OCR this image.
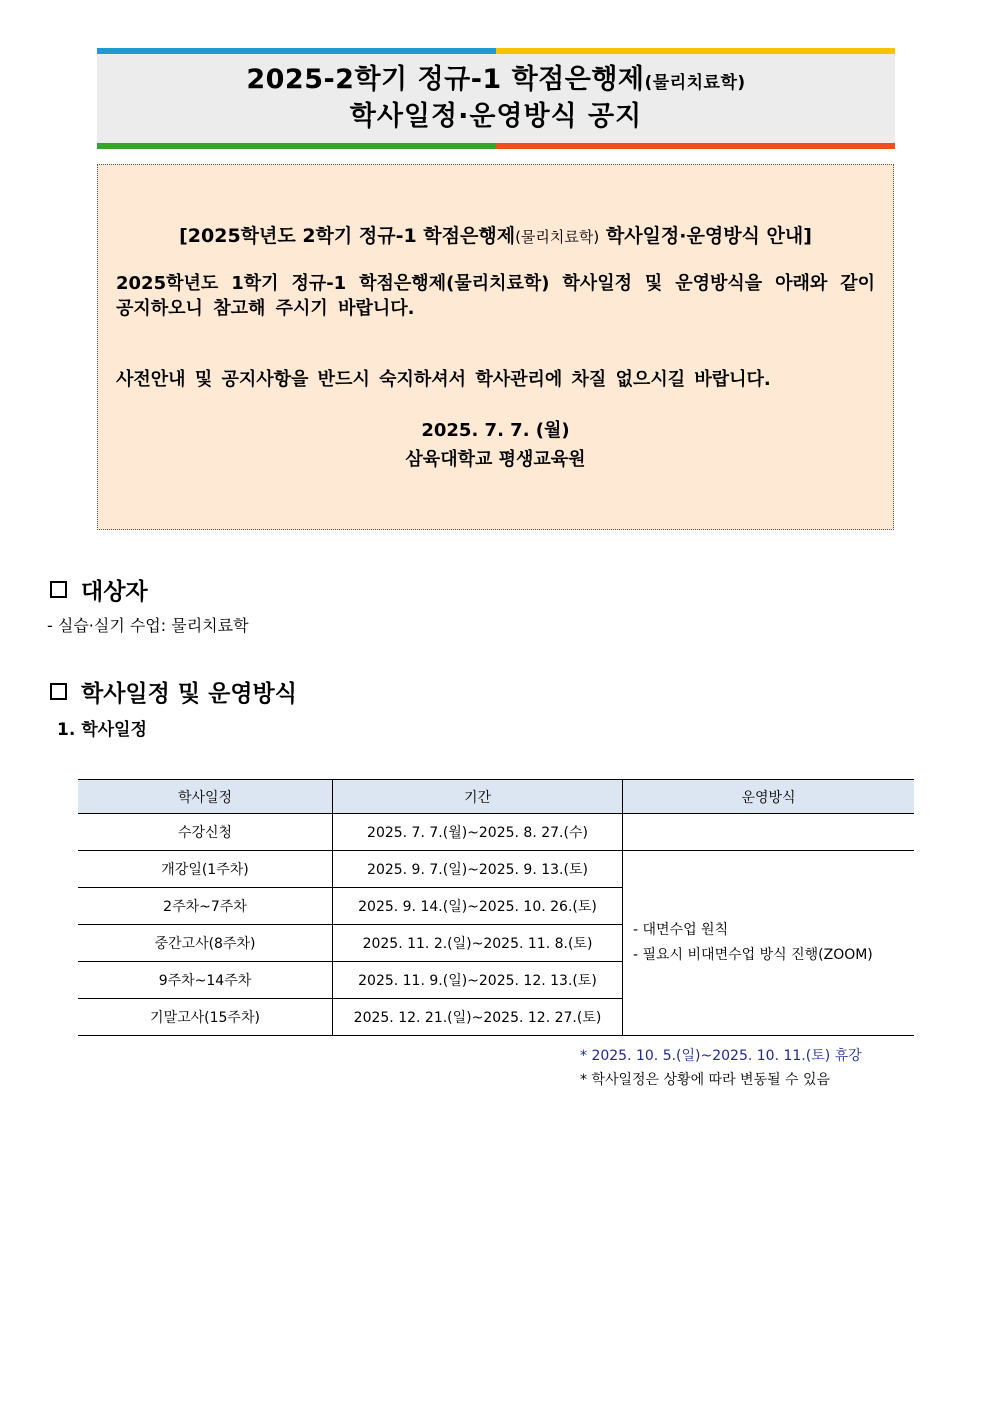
2025-2학기 정규-1 학점은행제(물리치료학)
학사일정·운영방식 공지
[2025학년도 2학기 정규-1 학점은행제(물리치료학) 학사일정·운영방식 안내]
2025학년도 1학기 정규-1 학점은행제(물리치료학) 학사일정 및 운영방식을 아래와 같이 공지하오니 참고해 주시기 바랍니다.
사전안내 및 공지사항을 반드시 숙지하셔서 학사관리에 차질 없으시길 바랍니다.
2025. 7. 7. (월)
삼육대학교 평생교육원
대상자
- 실습·실기 수업: 물리치료학
학사일정 및 운영방식
1. 학사일정
학사일정	기간	운영방식
수강신청	2025. 7. 7.(월)~2025. 8. 27.(수)	
개강일(1주차)	2025. 9. 7.(일)~2025. 9. 13.(토)	- 대면수업 원칙
- 필요시 비대면수업 방식 진행(ZOOM)

2주차~7주차	2025. 9. 14.(일)~2025. 10. 26.(토)	
중간고사(8주차)	2025. 11. 2.(일)~2025. 11. 8.(토)	
9주차~14주차	2025. 11. 9.(일)~2025. 12. 13.(토)	
기말고사(15주차)	2025. 12. 21.(일)~2025. 12. 27.(토)	
* 2025. 10. 5.(일)~2025. 10. 11.(토) 휴강
* 학사일정은 상황에 따라 변동될 수 있음
